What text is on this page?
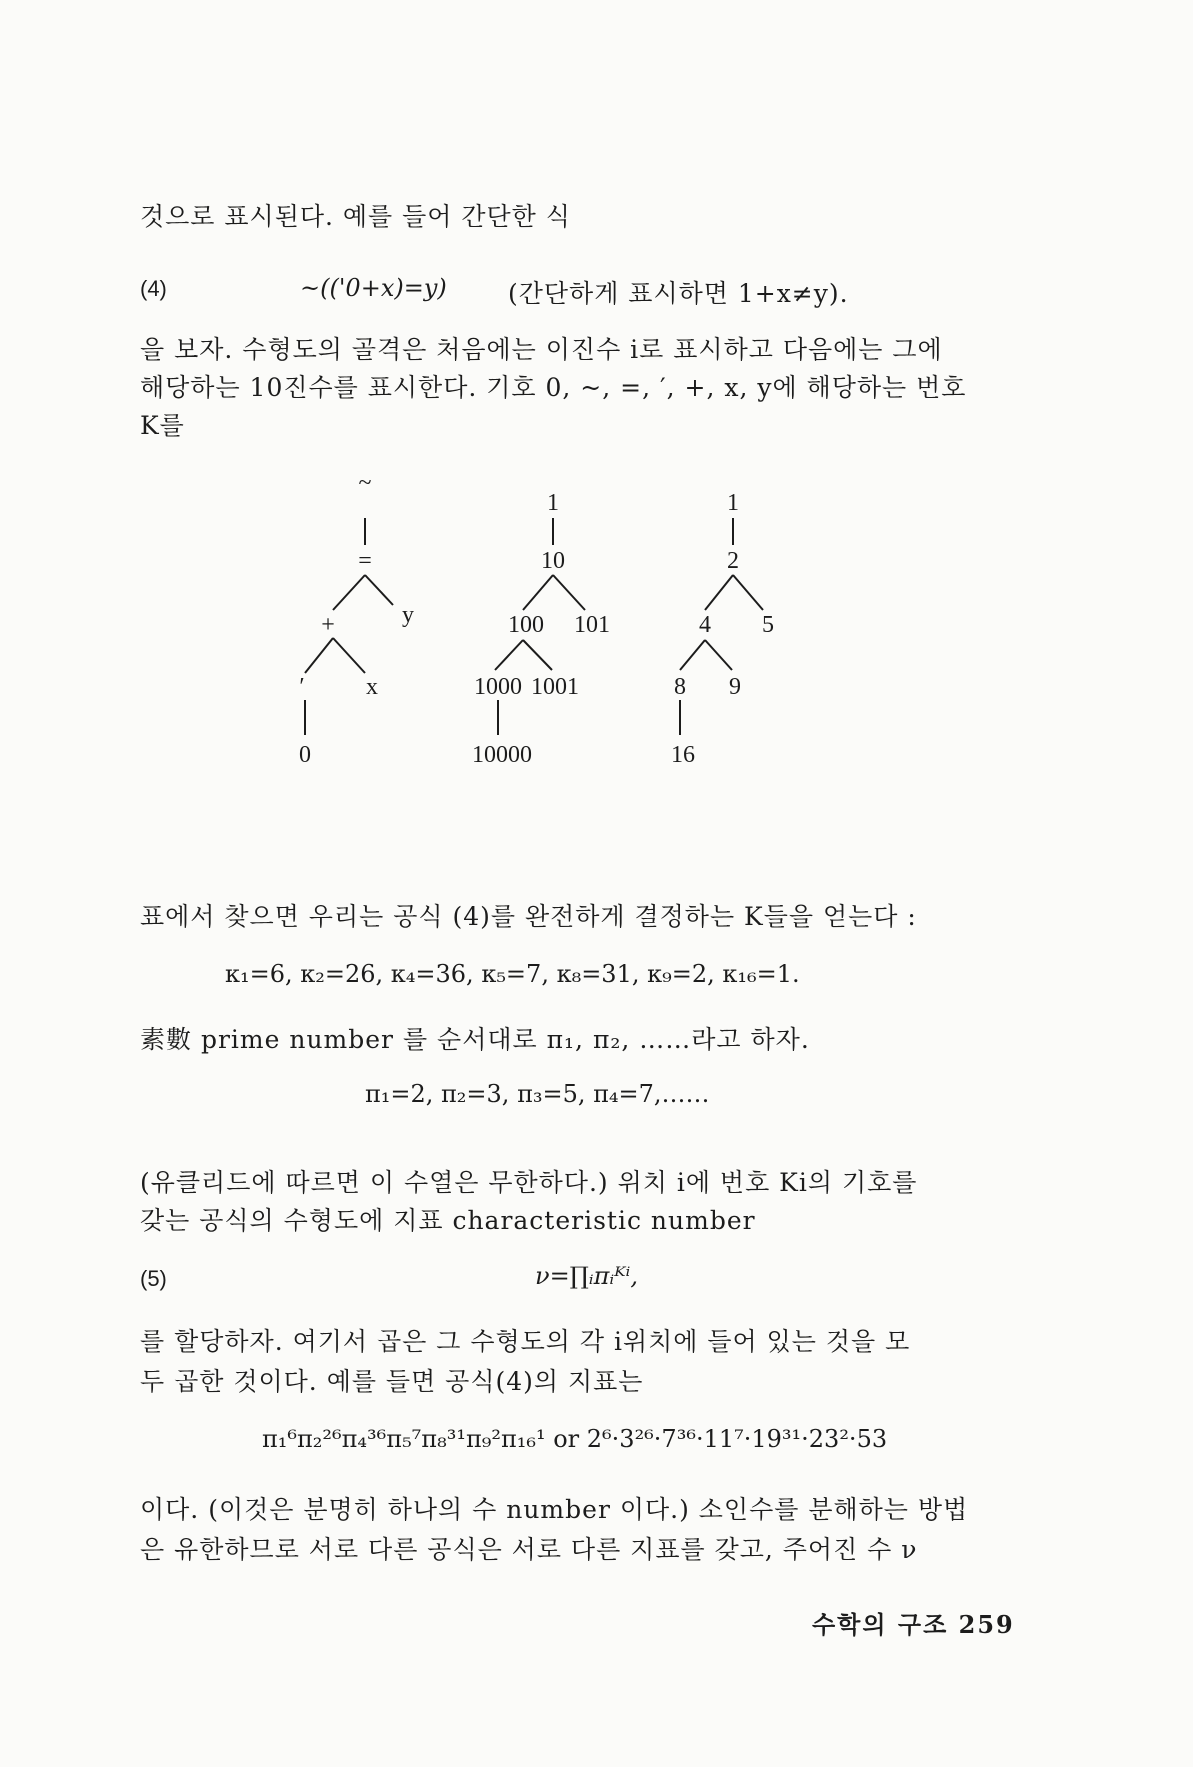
것으로 표시된다. 예를 들어 간단한 식
(4)	~(('0+x)=y) (간단하게 표시하면 1+x≠y).
을 보자. 수형도의 골격은 처음에는 이진수 i로 표시하고 다음에는 그에
해당하는 10진수를 표시한다. 기호 0, ~, =, ′, +, x, y에 해당하는 번호
K를
~
=
+	y
′	x
0
1
10
100 101
1000 1001
10000
1
2
4 5
8 9
16
표에서 찾으면 우리는 공식 (4)를 완전하게 결정하는 K들을 얻는다 :
κ₁=6, κ₂=26, κ₄=36, κ₅=7, κ₈=31, κ₉=2, κ₁₆=1.
素數 prime number 를 순서대로 π₁, π₂, ……라고 하자.
π₁=2, π₂=3, π₃=5, π₄=7,……
(유클리드에 따르면 이 수열은 무한하다.) 위치 i에 번호 Ki의 기호를
갖는 공식의 수형도에 지표 characteristic number
(5)	ν=∏ᵢπᵢᴷⁱ,
를 할당하자. 여기서 곱은 그 수형도의 각 i위치에 들어 있는 것을 모
두 곱한 것이다. 예를 들면 공식(4)의 지표는
π₁⁶π₂²⁶π₄³⁶π₅⁷π₈³¹π₉²π₁₆¹ or 2⁶·3²⁶·7³⁶·11⁷·19³¹·23²·53
이다. (이것은 분명히 하나의 수 number 이다.) 소인수를 분해하는 방법
은 유한하므로 서로 다른 공식은 서로 다른 지표를 갖고, 주어진 수 ν
수학의 구조 259
